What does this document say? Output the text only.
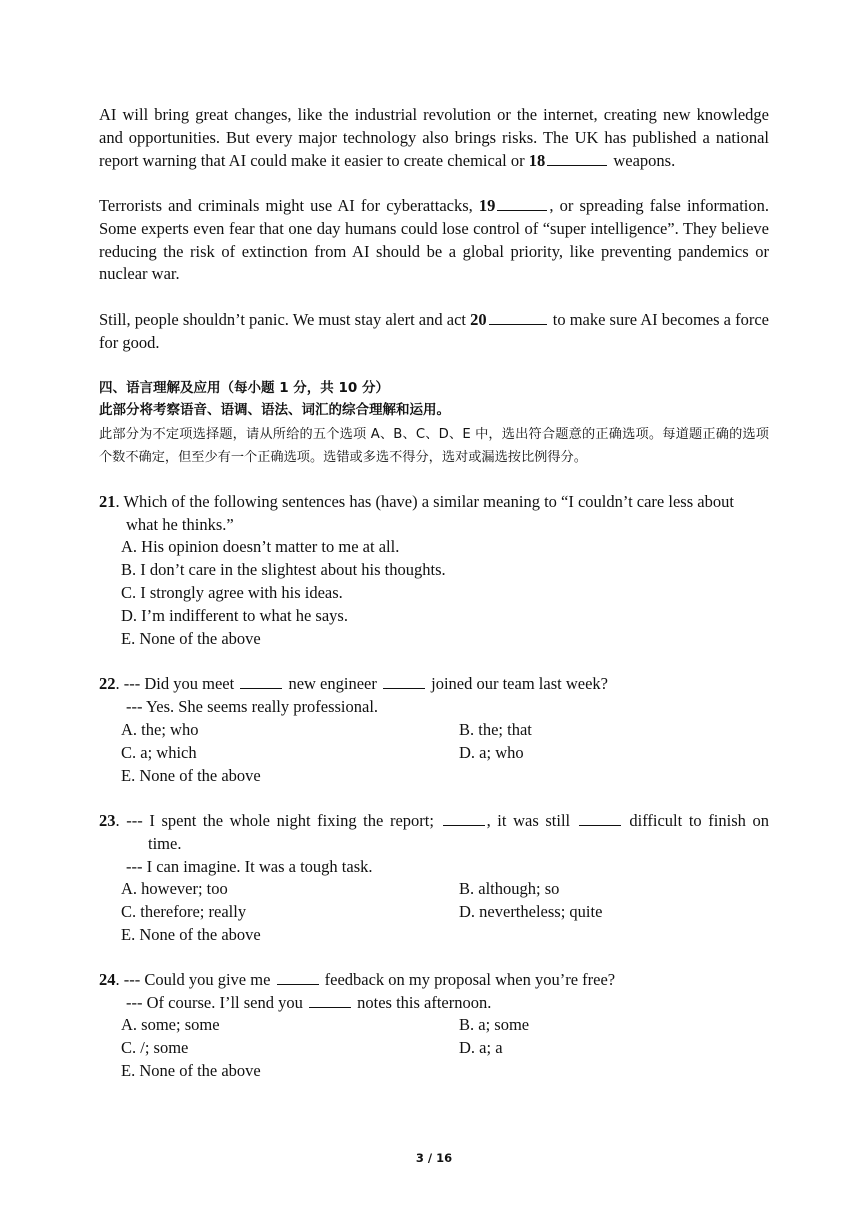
AI will bring great changes, like the industrial revolution or the internet, creating new knowledge and opportunities. But every major technology also brings risks. The UK has published a national report warning that AI could make it easier to create chemical or 18	weapons.

Terrorists and criminals might use AI for cyberattacks, 19	, or spreading false information. Some experts even fear that one day humans could lose control of “super intelligence”. They believe reducing the risk of extinction from AI should be a global priority, like preventing pandemics or nuclear war.

Still, people shouldn’t panic. We must stay alert and act 20	to make sure AI becomes a force for good.

四、语言理解及应用（每小题 1 分，共 10 分）
此部分将考察语音、语调、语法、词汇的综合理解和运用。
此部分为不定项选择题，请从所给的五个选项 A、B、C、D、E 中，选出符合题意的正确选项。每道题正确的选项个数不确定，但至少有一个正确选项。选错或多选不得分，选对或漏选按比例得分。

21. Which of the following sentences has (have) a similar meaning to “I couldn’t care less about

what he thinks.”

A. His opinion doesn’t matter to me at all.
B. I don’t care in the slightest about his thoughts.
C. I strongly agree with his ideas.
D. I’m indifferent to what he says.
E. None of the above

22. --- Did you meet	new engineer	joined our team last week?

--- Yes. She seems really professional.

A. the; who	B. the; that
C. a; which	D. a; who
E. None of the above

23. --- I spent the whole night fixing the report;	, it was still	difficult to finish on

time.

--- I can imagine. It was a tough task.

A. however; too	B. although; so
C. therefore; really	D. nevertheless; quite
E. None of the above

24. --- Could you give me	feedback on my proposal when you’re free?

--- Of course. I’ll send you	notes this afternoon.

A. some; some	B. a; some
C. /; some	D. a; a
E. None of the above
3 / 16
